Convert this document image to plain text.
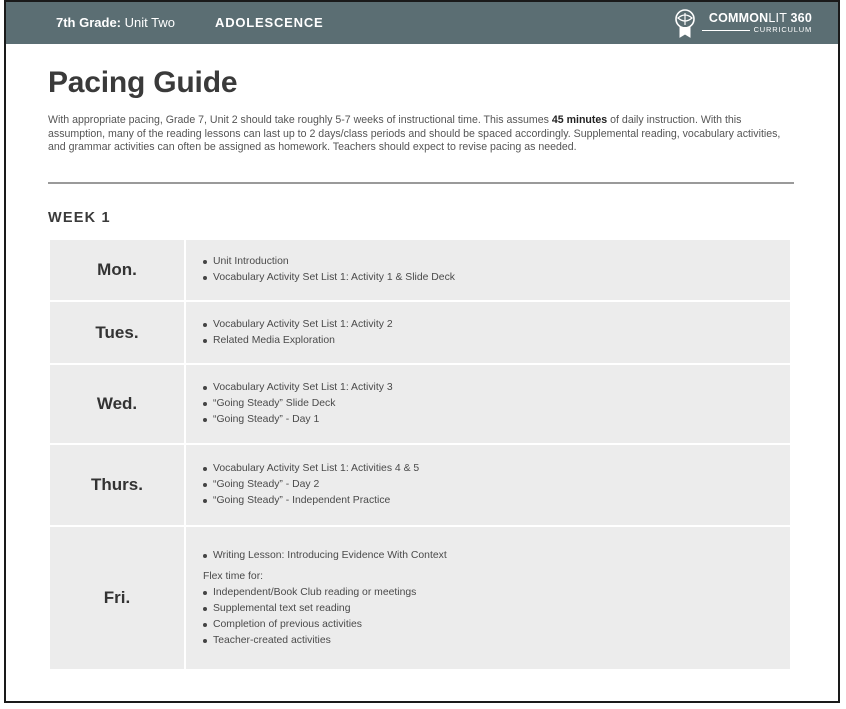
7th Grade: Unit Two	ADOLESCENCE	COMMONLIT 360
CURRICULUM
Pacing Guide

With appropriate pacing, Grade 7, Unit 2 should take roughly 5-7 weeks of instructional time. This assumes 45 minutes of daily instruction. With this assumption, many of the reading lessons can last up to 2 days/class periods and should be spaced accordingly. Supplemental reading, vocabulary activities, and grammar activities can often be assigned as homework. Teachers should expect to revise pacing as needed.

WEEK 1
Mon.	Unit Introduction
Vocabulary Activity Set List 1: Activity 1 & Slide Deck
Tues.	Vocabulary Activity Set List 1: Activity 2
Related Media Exploration
Wed.
Vocabulary Activity Set List 1: Activity 3
“Going Steady” Slide Deck
“Going Steady” - Day 1
Thurs.
Vocabulary Activity Set List 1: Activities 4 & 5
“Going Steady” - Day 2
“Going Steady” - Independent Practice
Fri.
Writing Lesson: Introducing Evidence With Context
Flex time for:
Independent/Book Club reading or meetings
Supplemental text set reading
Completion of previous activities
Teacher-created activities
